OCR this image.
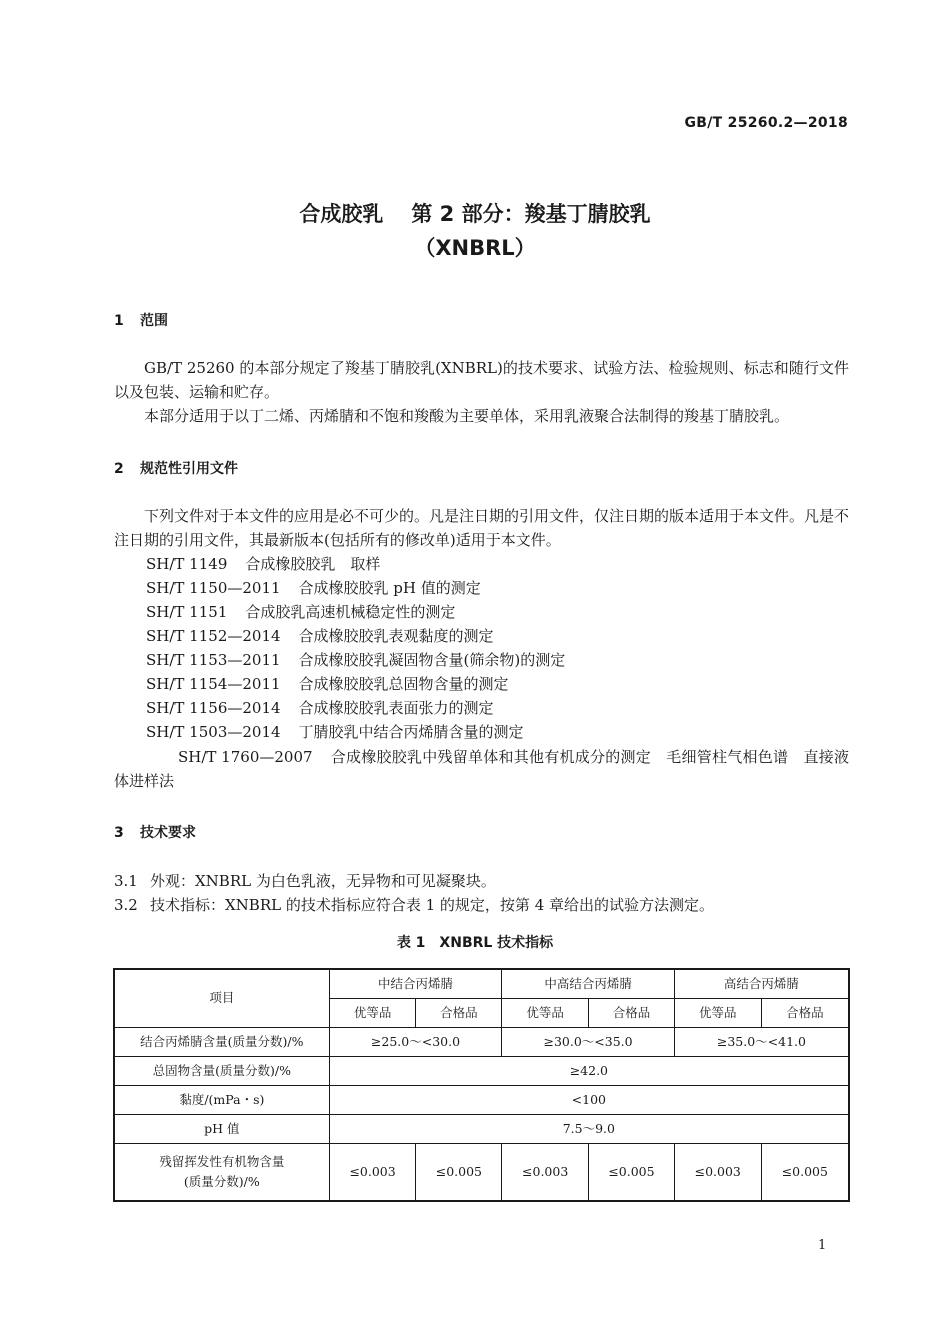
GB/T 25260.2—2018
合成胶乳 第 2 部分：羧基丁腈胶乳
（XNBRL）
1 范围

GB/T 25260 的本部分规定了羧基丁腈胶乳(XNBRL)的技术要求、试验方法、检验规则、标志和随行文件以及包装、运输和贮存。

本部分适用于以丁二烯、丙烯腈和不饱和羧酸为主要单体，采用乳液聚合法制得的羧基丁腈胶乳。

2 规范性引用文件

下列文件对于本文件的应用是必不可少的。凡是注日期的引用文件，仅注日期的版本适用于本文件。凡是不注日期的引用文件，其最新版本(包括所有的修改单)适用于本文件。

SH/T 1149 合成橡胶胶乳　取样
SH/T 1150—2011 合成橡胶胶乳 pH 值的测定
SH/T 1151 合成胶乳高速机械稳定性的测定
SH/T 1152—2014 合成橡胶胶乳表观黏度的测定
SH/T 1153—2011 合成橡胶胶乳凝固物含量(筛余物)的测定
SH/T 1154—2011 合成橡胶胶乳总固物含量的测定
SH/T 1156—2014 合成橡胶胶乳表面张力的测定
SH/T 1503—2014 丁腈胶乳中结合丙烯腈含量的测定
SH/T 1760—2007 合成橡胶胶乳中残留单体和其他有机成分的测定　毛细管柱气相色谱　直接液体进样法
3 技术要求
3.1 外观：XNBRL 为白色乳液，无异物和可见凝聚块。
3.2 技术指标：XNBRL 的技术指标应符合表 1 的规定，按第 4 章给出的试验方法测定。
表 1　XNBRL 技术指标
项目	中结合丙烯腈		中高结合丙烯腈		高结合丙烯腈	
	优等品	合格品	优等品	合格品	优等品	合格品
结合丙烯腈含量(质量分数)/%	≥25.0～<30.0		≥30.0～<35.0		≥35.0～<41.0	
总固物含量(质量分数)/%	≥42.0					
黏度/(mPa・s)	<100					
pH 值	7.5～9.0					

残留挥发性有机物含量
(质量分数)/%	≤0.003	≤0.005	≤0.003	≤0.005	≤0.003	≤0.005
1
